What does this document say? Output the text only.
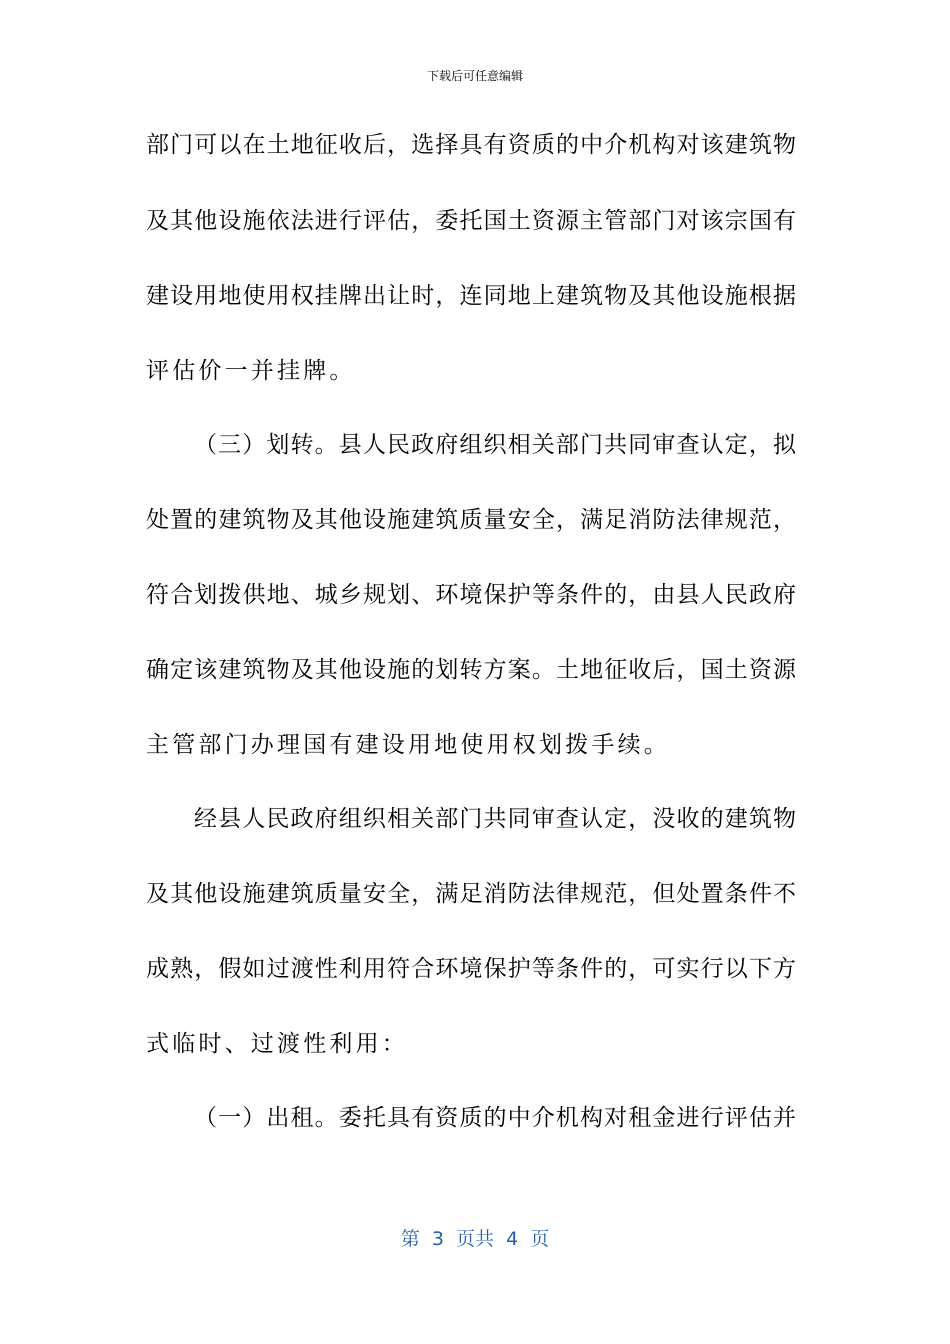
下载后可任意编辑
部门可以在土地征收后，选择具有资质的中介机构对该建筑物
及其他设施依法进行评估，委托国土资源主管部门对该宗国有
建设用地使用权挂牌出让时，连同地上建筑物及其他设施根据
评估价一并挂牌。
（三）划转。县人民政府组织相关部门共同审查认定，拟
处置的建筑物及其他设施建筑质量安全，满足消防法律规范，
符合划拨供地、城乡规划、环境保护等条件的，由县人民政府
确定该建筑物及其他设施的划转方案。土地征收后，国土资源
主管部门办理国有建设用地使用权划拨手续。
经县人民政府组织相关部门共同审查认定，没收的建筑物
及其他设施建筑质量安全，满足消防法律规范，但处置条件不
成熟，假如过渡性利用符合环境保护等条件的，可实行以下方
式临时、过渡性利用：
（一）出租。委托具有资质的中介机构对租金进行评估并
第  3  页共  4  页
